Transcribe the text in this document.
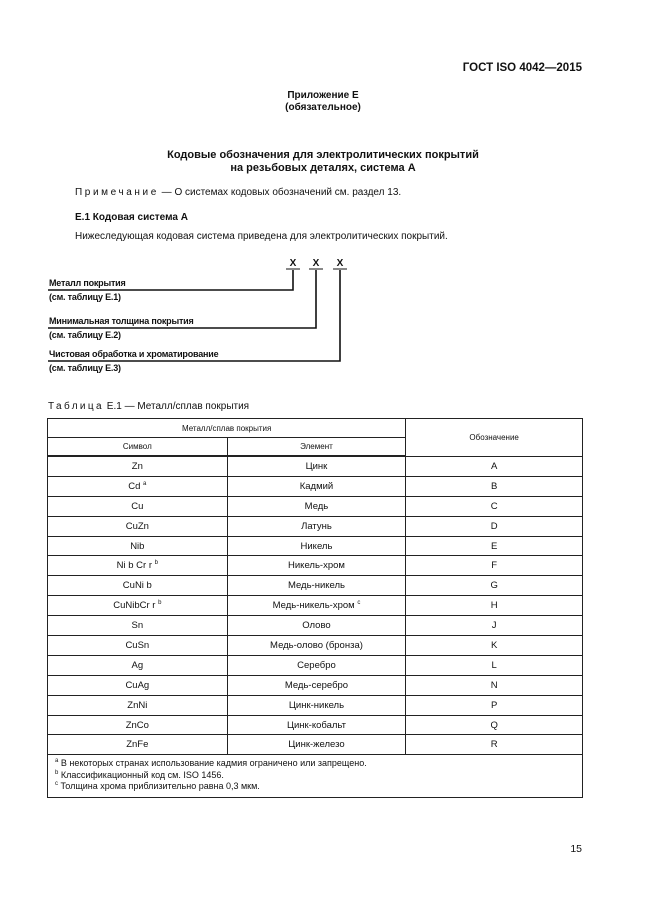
ГОСТ ISO 4042—2015
Приложение Е
(обязательное)
Кодовые обозначения для электролитических покрытий
на резьбовых деталях, система А
Примечание — О системах кодовых обозначений см. раздел 13.
Е.1 Кодовая система А
Нижеследующая кодовая система приведена для электролитических покрытий.
X X X
Металл покрытия
(см. таблицу Е.1)
Минимальная толщина покрытия
(см. таблицу Е.2)
Чистовая обработка и хроматирование
(см. таблицу Е.3)
Таблица Е.1 — Металл/сплав покрытия
Металл/сплав покрытия		Обозначение
Символ	Элемент	
Zn	Цинк	A
Cd $^a$	Кадмий	B
Cu	Медь	C
CuZn	Латунь	D
Nib	Никель	E
Ni b Cr r $^b$	Никель-хром	F
CuNi b	Медь-никель	G
CuNibCr r $^b$	Медь-никель-хром $^c$	H
Sn	Олово	J
CuSn	Медь-олово (бронза)	K
Ag	Серебро	L
CuAg	Медь-серебро	N
ZnNi	Цинк-никель	P
ZnCo	Цинк-кобальт	Q
ZnFe	Цинк-железо	R

$^a$ В некоторых странах использование кадмия ограничено или запрещено.
$^b$ Классификационный код см. ISO 1456.
$^c$ Толщина хрома приблизительно равна 0,3 мкм.		
15
